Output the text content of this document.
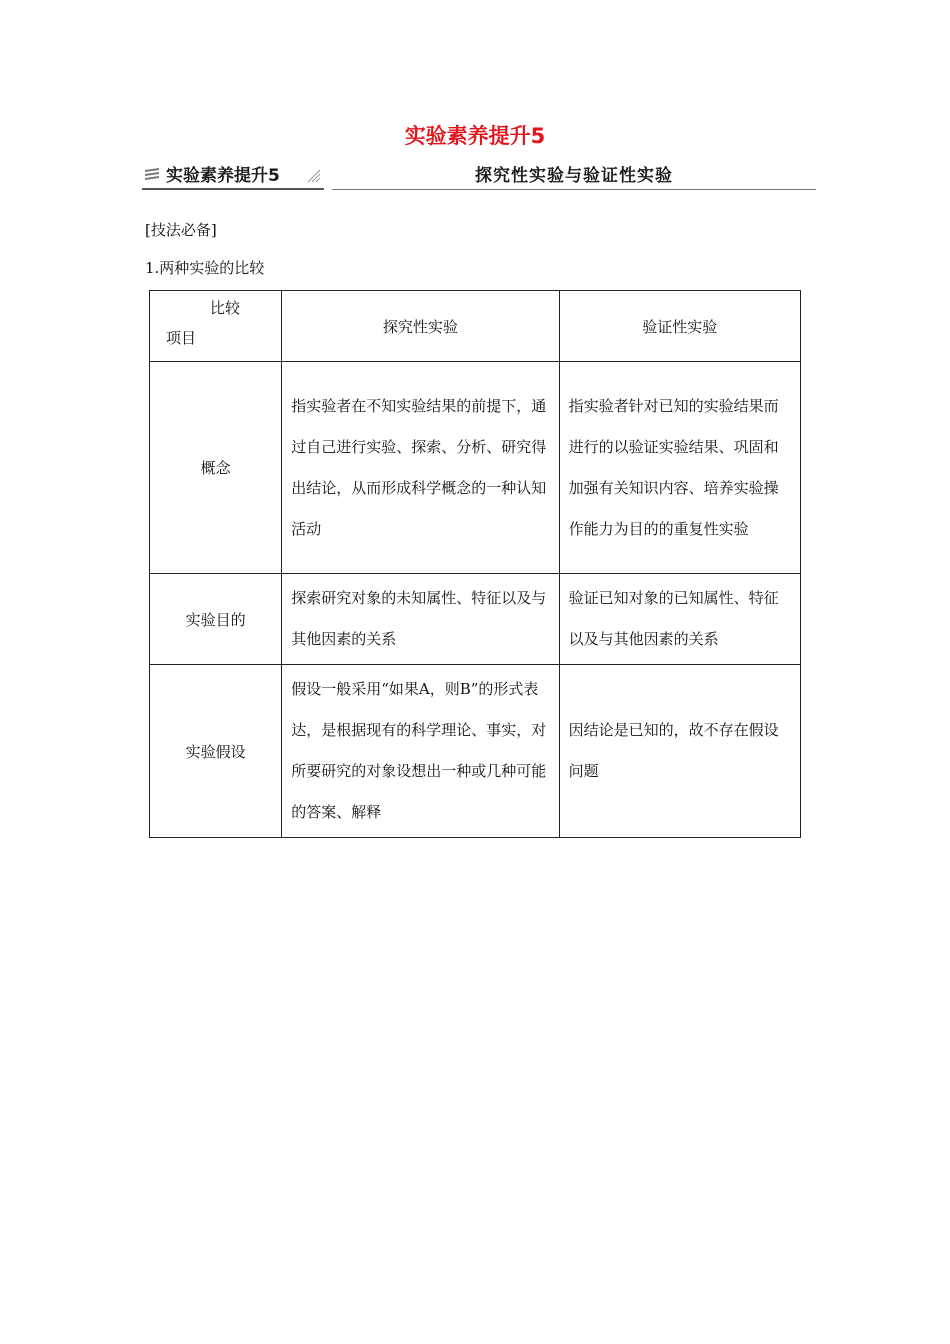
实验素养提升5
实验素养提升5	探究性实验与验证性实验
[技法必备]
1.两种实验的比较
比较
项目	探究性实验	验证性实验
概念	指实验者在不知实验结果的前提下，通过自己进行实验、探索、分析、研究得出结论，从而形成科学概念的一种认知活动	指实验者针对已知的实验结果而进行的以验证实验结果、巩固和加强有关知识内容、培养实验操作能力为目的的重复性实验
实验目的	探索研究对象的未知属性、特征以及与其他因素的关系	验证已知对象的已知属性、特征以及与其他因素的关系
实验假设	假设一般采用“如果A，则B”的形式表达，是根据现有的科学理论、事实，对所要研究的对象设想出一种或几种可能的答案、解释	因结论是已知的，故不存在假设问题
